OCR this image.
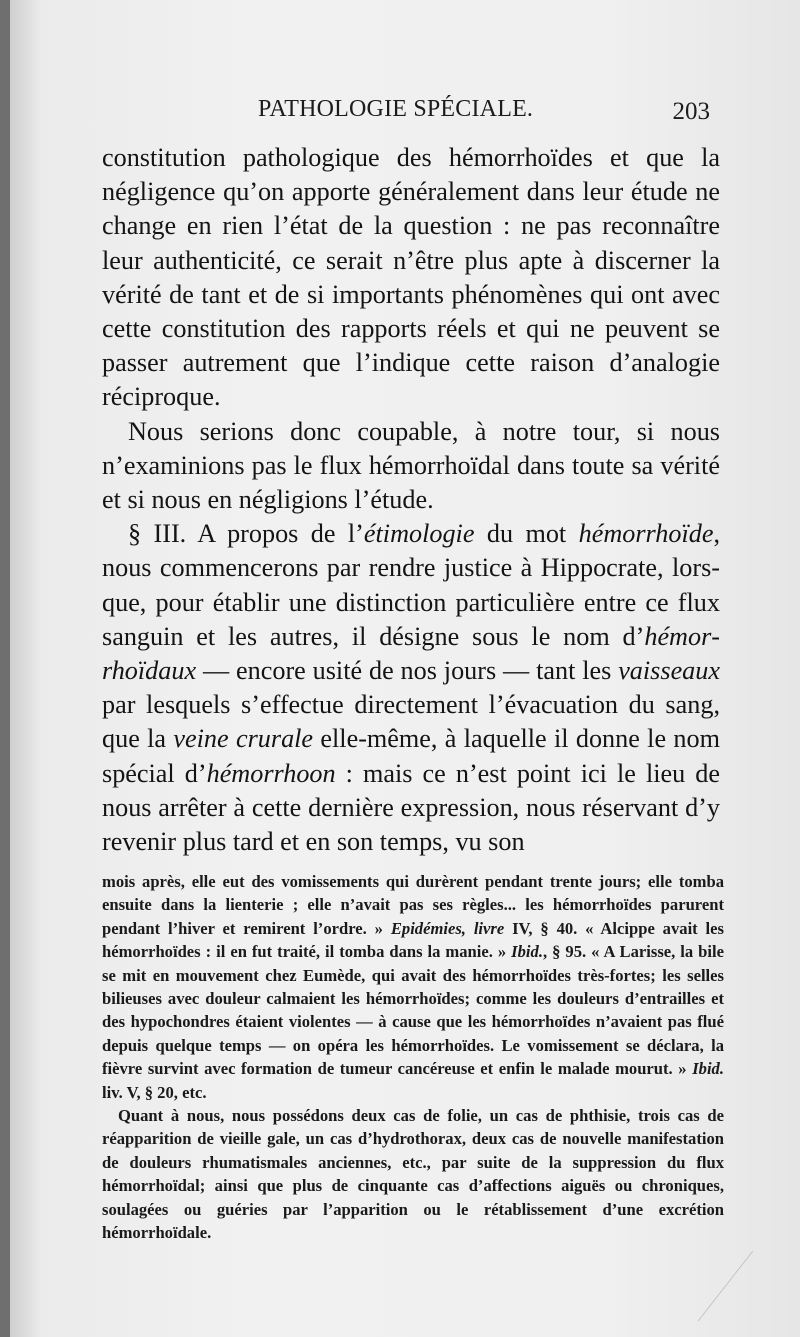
PATHOLOGIE SPÉCIALE.	203

constitution pathologique des hémorrhoïdes et que la négligence qu’on apporte généralement dans leur étude ne change en rien l’état de la question : ne pas reconnaître leur authenticité, ce serait n’être plus apte à discerner la vérité de tant et de si importants phénomènes qui ont avec cette constitution des rapports réels et qui ne peuvent se passer autrement que l’indique cette raison d’analogie réciproque.

Nous serions donc coupable, à notre tour, si nous n’examinions pas le flux hémorrhoïdal dans toute sa vérité et si nous en négligions l’étude.

§ III. A propos de l’étimologie du mot hémorrhoïde, nous commencerons par rendre justice à Hippocrate, lorsque, pour établir une distinction particulière entre ce flux sanguin et les autres, il désigne sous le nom d’hémorrhoïdaux — encore usité de nos jours — tant les vaisseaux par lesquels s’effectue directement l’évacuation du sang, que la veine crurale elle-même, à laquelle il donne le nom spécial d’hémorrhoon : mais ce n’est point ici le lieu de nous arrêter à cette dernière expression, nous réservant d’y revenir plus tard et en son temps, vu son

mois après, elle eut des vomissements qui durèrent pendant trente jours; elle tomba ensuite dans la lienterie ; elle n’avait pas ses règles... les hémorrhoïdes parurent pendant l’hiver et remirent l’ordre. » Epidémies, livre IV, § 40. « Alcippe avait les hémorrhoïdes : il en fut traité, il tomba dans la manie. » Ibid., § 95. « A Larisse, la bile se mit en mouvement chez Eumède, qui avait des hémorrhoïdes très-fortes; les selles bilieuses avec douleur calmaient les hémorrhoïdes; comme les douleurs d’entrailles et des hypochondres étaient violentes — à cause que les hémorrhoïdes n’avaient pas flué depuis quelque temps — on opéra les hémorrhoïdes. Le vomissement se déclara, la fièvre survint avec formation de tumeur cancéreuse et enfin le malade mourut. » Ibid. liv. V, § 20, etc.

Quant à nous, nous possédons deux cas de folie, un cas de phthisie, trois cas de réapparition de vieille gale, un cas d’hydrothorax, deux cas de nouvelle manifestation de douleurs rhumatismales anciennes, etc., par suite de la suppression du flux hémorrhoïdal; ainsi que plus de cinquante cas d’affections aiguës ou chroniques, soulagées ou guéries par l’apparition ou le rétablissement d’une excrétion hémorrhoïdale.
